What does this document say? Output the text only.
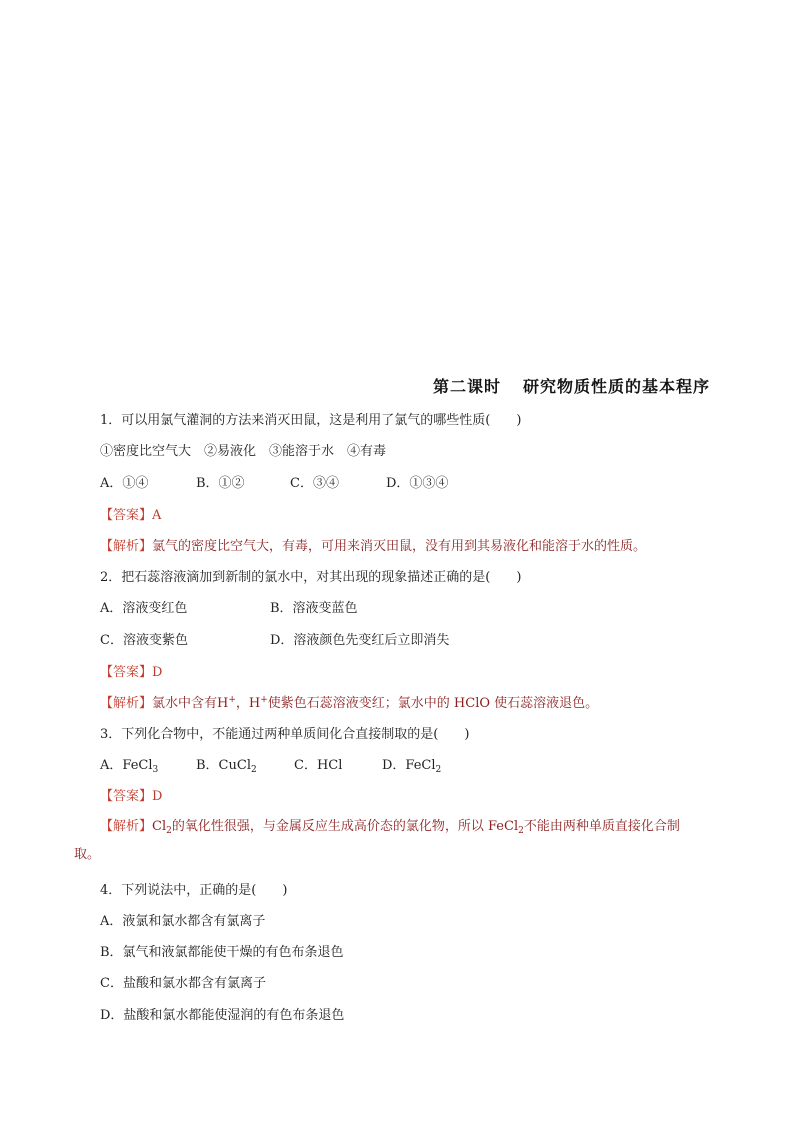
第二课时 研究物质性质的基本程序
1．可以用氯气灌洞的方法来消灭田鼠，这是利用了氯气的哪些性质(　　)
①密度比空气大　②易液化　③能溶于水　④有毒
A．①④	B．①②	C．③④	D．①③④
【答案】A
【解析】氯气的密度比空气大，有毒，可用来消灭田鼠，没有用到其易液化和能溶于水的性质。
2．把石蕊溶液滴加到新制的氯水中，对其出现的现象描述正确的是(　　)
A．溶液变红色	B．溶液变蓝色
C．溶液变紫色	D．溶液颜色先变红后立即消失
【答案】D
【解析】氯水中含有H+，H+使紫色石蕊溶液变红；氯水中的 HClO 使石蕊溶液退色。
3．下列化合物中，不能通过两种单质间化合直接制取的是(　　)
A．FeCl$_3$	B．CuCl$_2$	C．HCl	D．FeCl$_2$
【答案】D
【解析】$Cl_2$的氧化性很强，与金属反应生成高价态的氯化物，所以 FeCl$_2$不能由两种单质直接化合制取。
4．下列说法中，正确的是(　　)
A．液氯和氯水都含有氯离子
B．氯气和液氯都能使干燥的有色布条退色
C．盐酸和氯水都含有氯离子
D．盐酸和氯水都能使湿润的有色布条退色
